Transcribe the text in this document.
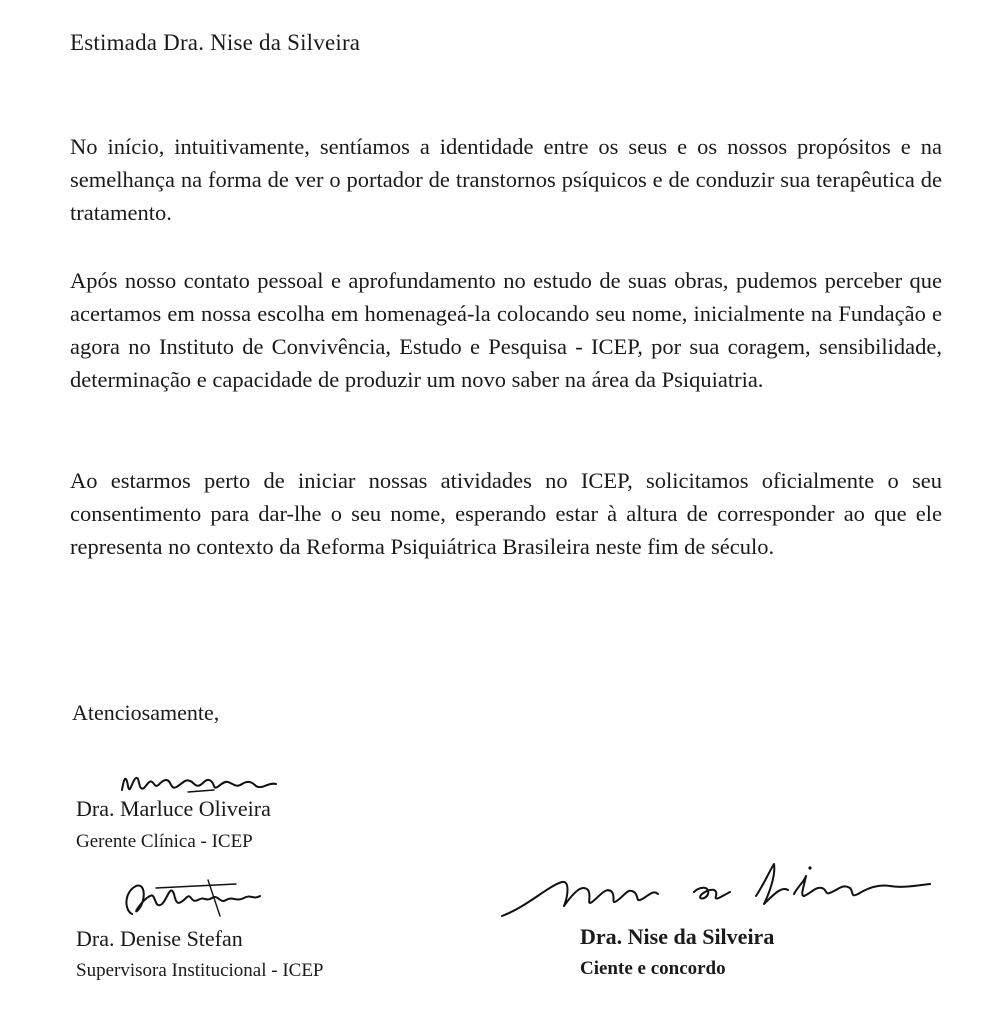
Estimada Dra. Nise da Silveira

No início, intuitivamente, sentíamos a identidade entre os seus e os nossos propósitos e na semelhança na forma de ver o portador de transtornos psíquicos e de conduzir sua terapêutica de tratamento.

Após nosso contato pessoal e aprofundamento no estudo de suas obras, pudemos perceber que acertamos em nossa escolha em homenageá-la colocando seu nome, inicialmente na Fundação e agora no Instituto de Convivência, Estudo e Pesquisa - ICEP, por sua coragem, sensibilidade, determinação e capacidade de produzir um novo saber na área da Psiquiatria.

Ao estarmos perto de iniciar nossas atividades no ICEP, solicitamos oficialmente o seu consentimento para dar-lhe o seu nome, esperando estar à altura de corresponder ao que ele representa no contexto da Reforma Psiquiátrica Brasileira neste fim de século.

Atenciosamente,
Dra. Marluce Oliveira
Gerente Clínica - ICEP
Dra. Denise Stefan
Supervisora Institucional - ICEP
Dra. Nise da Silveira
Ciente e concordo
